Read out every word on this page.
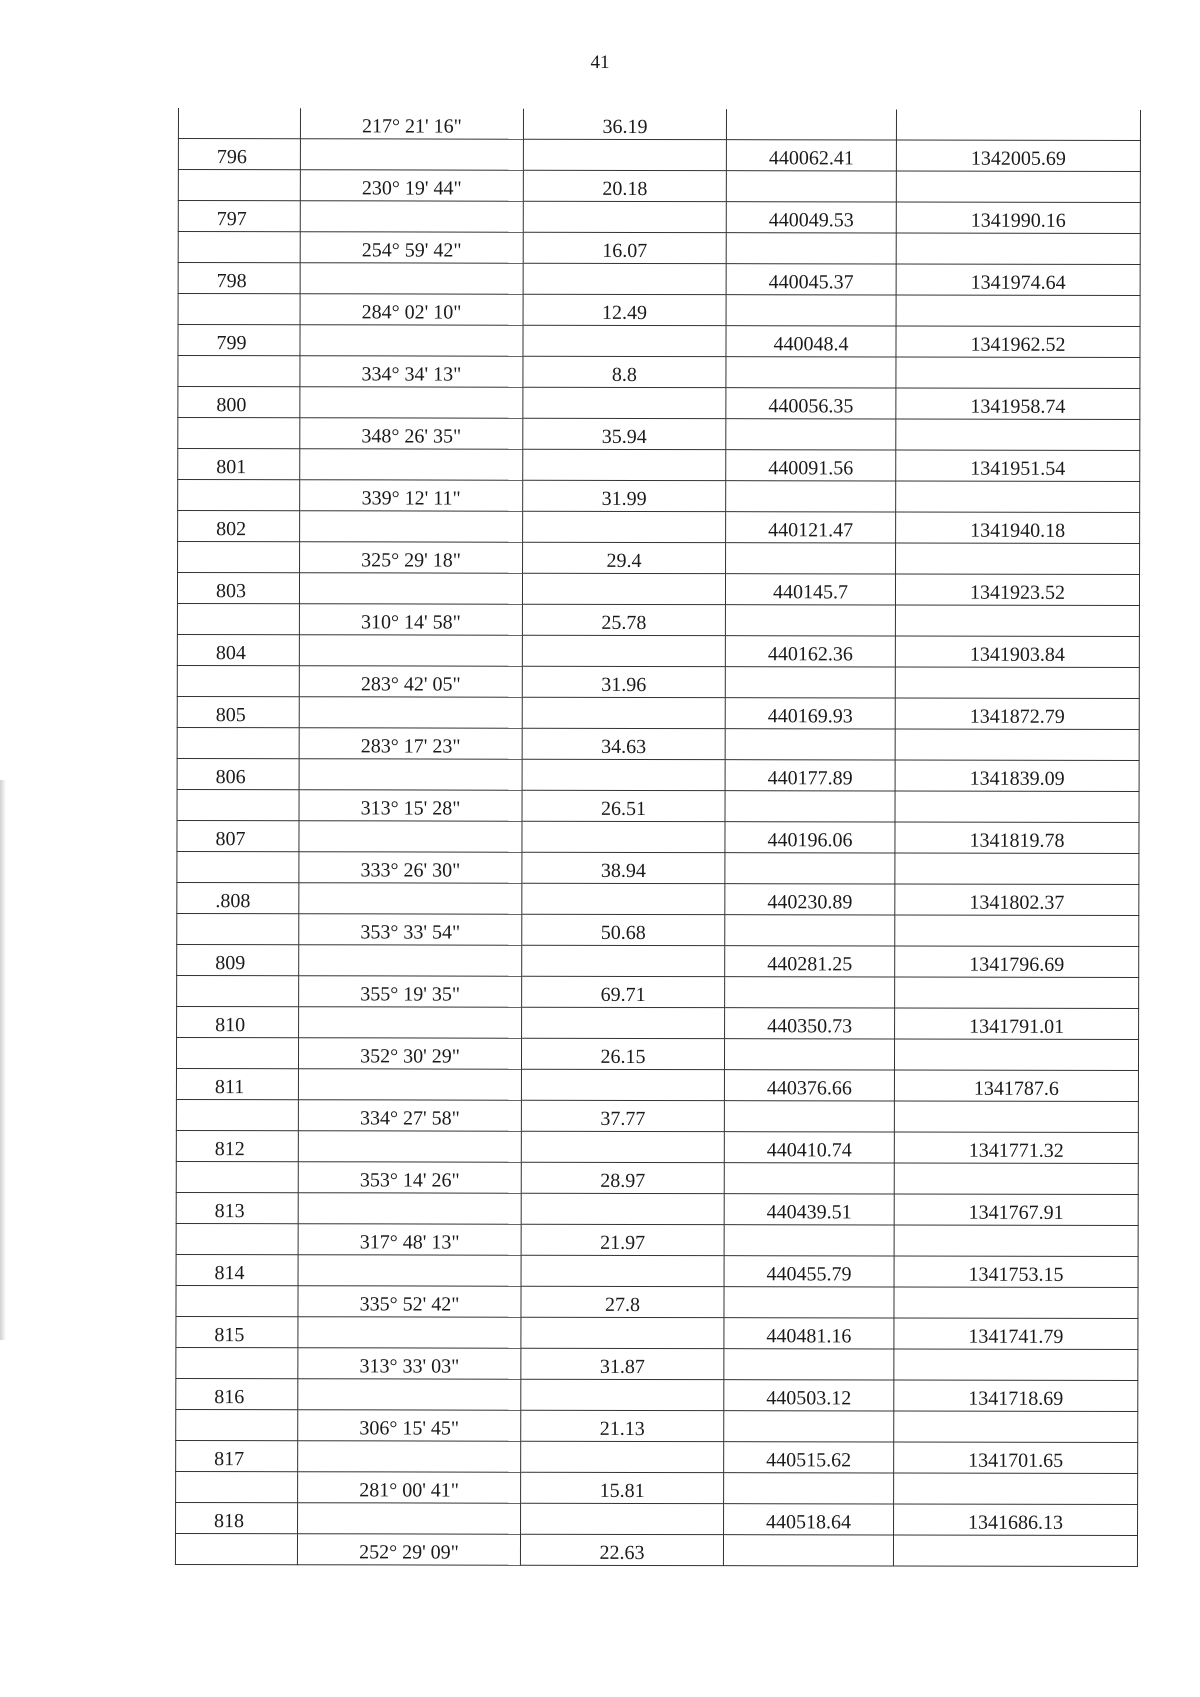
41
	217° 21' 16"	36.19		
796			440062.41	1342005.69
	230° 19' 44"	20.18		
797			440049.53	1341990.16
	254° 59' 42"	16.07		
798			440045.37	1341974.64
	284° 02' 10"	12.49		
799			440048.4	1341962.52
	334° 34' 13"	8.8		
800			440056.35	1341958.74
	348° 26' 35"	35.94		
801			440091.56	1341951.54
	339° 12' 11"	31.99		
802			440121.47	1341940.18
	325° 29' 18"	29.4		
803			440145.7	1341923.52
	310° 14' 58"	25.78		
804			440162.36	1341903.84
	283° 42' 05"	31.96		
805			440169.93	1341872.79
	283° 17' 23"	34.63		
806			440177.89	1341839.09
	313° 15' 28"	26.51		
807			440196.06	1341819.78
	333° 26' 30"	38.94		
.808			440230.89	1341802.37
	353° 33' 54"	50.68		
809			440281.25	1341796.69
	355° 19' 35"	69.71		
810			440350.73	1341791.01
	352° 30' 29"	26.15		
811			440376.66	1341787.6
	334° 27' 58"	37.77		
812			440410.74	1341771.32
	353° 14' 26"	28.97		
813			440439.51	1341767.91
	317° 48' 13"	21.97		
814			440455.79	1341753.15
	335° 52' 42"	27.8		
815			440481.16	1341741.79
	313° 33' 03"	31.87		
816			440503.12	1341718.69
	306° 15' 45"	21.13		
817			440515.62	1341701.65
	281° 00' 41"	15.81		
818			440518.64	1341686.13
	252° 29' 09"	22.63		
